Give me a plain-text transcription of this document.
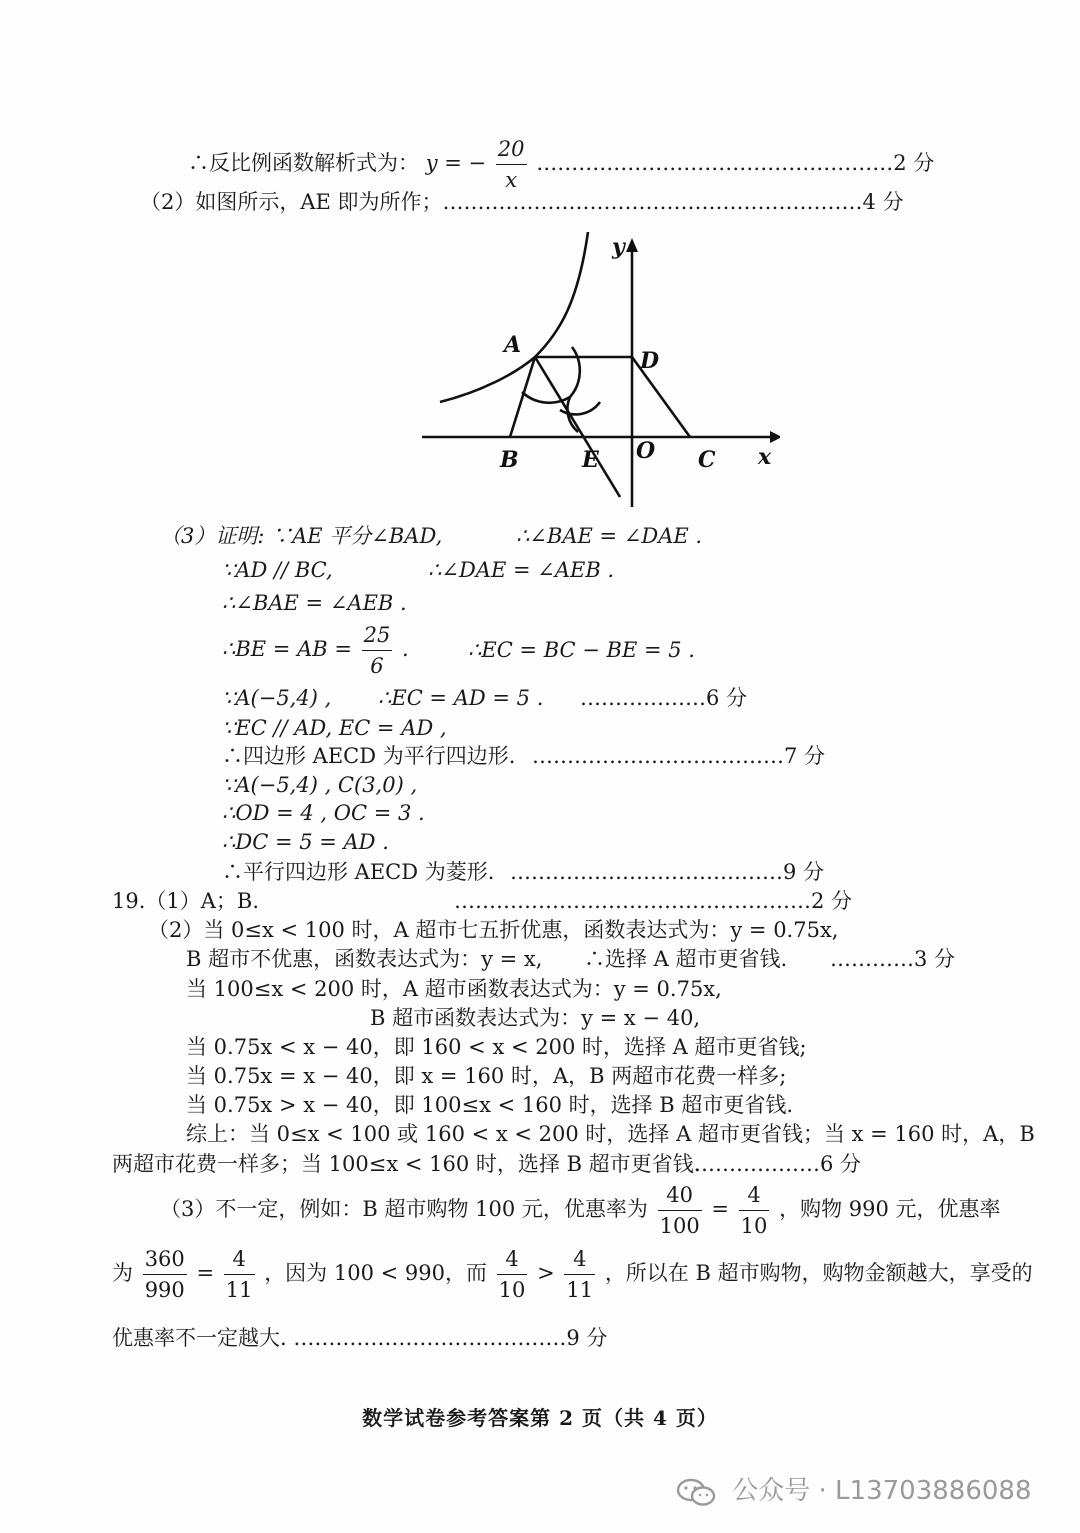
∴反比例函数解析式为： y = − $\frac{20}{x}$ ……………………………………………2 分
（2）如图所示，AE 即为所作；……………………………………………………4 分
y
A
D
B	E O C x
（3）证明: ∵AE 平分∠BAD,	∴∠BAE = ∠DAE .
∵AD // BC,	∴∠DAE = ∠AEB .
∴∠BAE = ∠AEB .
∴BE = AB = $\frac{25}{6}$ .	∴EC = BC − BE = 5 .
∵A(−5,4) , ∴EC = AD = 5 . ………………6 分
∵EC // AD, EC = AD ,
∴四边形 AECD 为平行四边形. ………………………………7 分
∵A(−5,4) , C(3,0) ,
∴OD = 4 , OC = 3 .
∴DC = 5 = AD .
∴平行四边形 AECD 为菱形. …………………………………9 分
19.（1）A；B.	……………………………………………2 分
（2）当 0≤x < 100 时，A 超市七五折优惠，函数表达式为：y = 0.75x,
B 超市不优惠，函数表达式为：y = x, ∴选择 A 超市更省钱. …………3 分
当 100≤x < 200 时，A 超市函数表达式为：y = 0.75x,
B 超市函数表达式为：y = x − 40,
当 0.75x < x − 40，即 160 < x < 200 时，选择 A 超市更省钱;
当 0.75x = x − 40，即 x = 160 时，A，B 两超市花费一样多;
当 0.75x > x − 40，即 100≤x < 160 时，选择 B 超市更省钱.
综上：当 0≤x < 100 或 160 < x < 200 时，选择 A 超市更省钱；当 x = 160 时，A，B
两超市花费一样多；当 100≤x < 160 时，选择 B 超市更省钱.
………………6 分
（3）不一定，例如：B 超市购物 100 元，优惠率为 $\frac{40}{100} = \frac{4}{10}$ ，购物 990 元，优惠率
为 $\frac{360}{990} = \frac{4}{11}$ ，因为 100 < 990，而 $\frac{4}{10} > \frac{4}{11}$ ，所以在 B 超市购物，购物金额越大，享受的
优惠率不一定越大. …………………………………9 分
数学试卷参考答案第 2 页（共 4 页）
公众号 · L13703886088
